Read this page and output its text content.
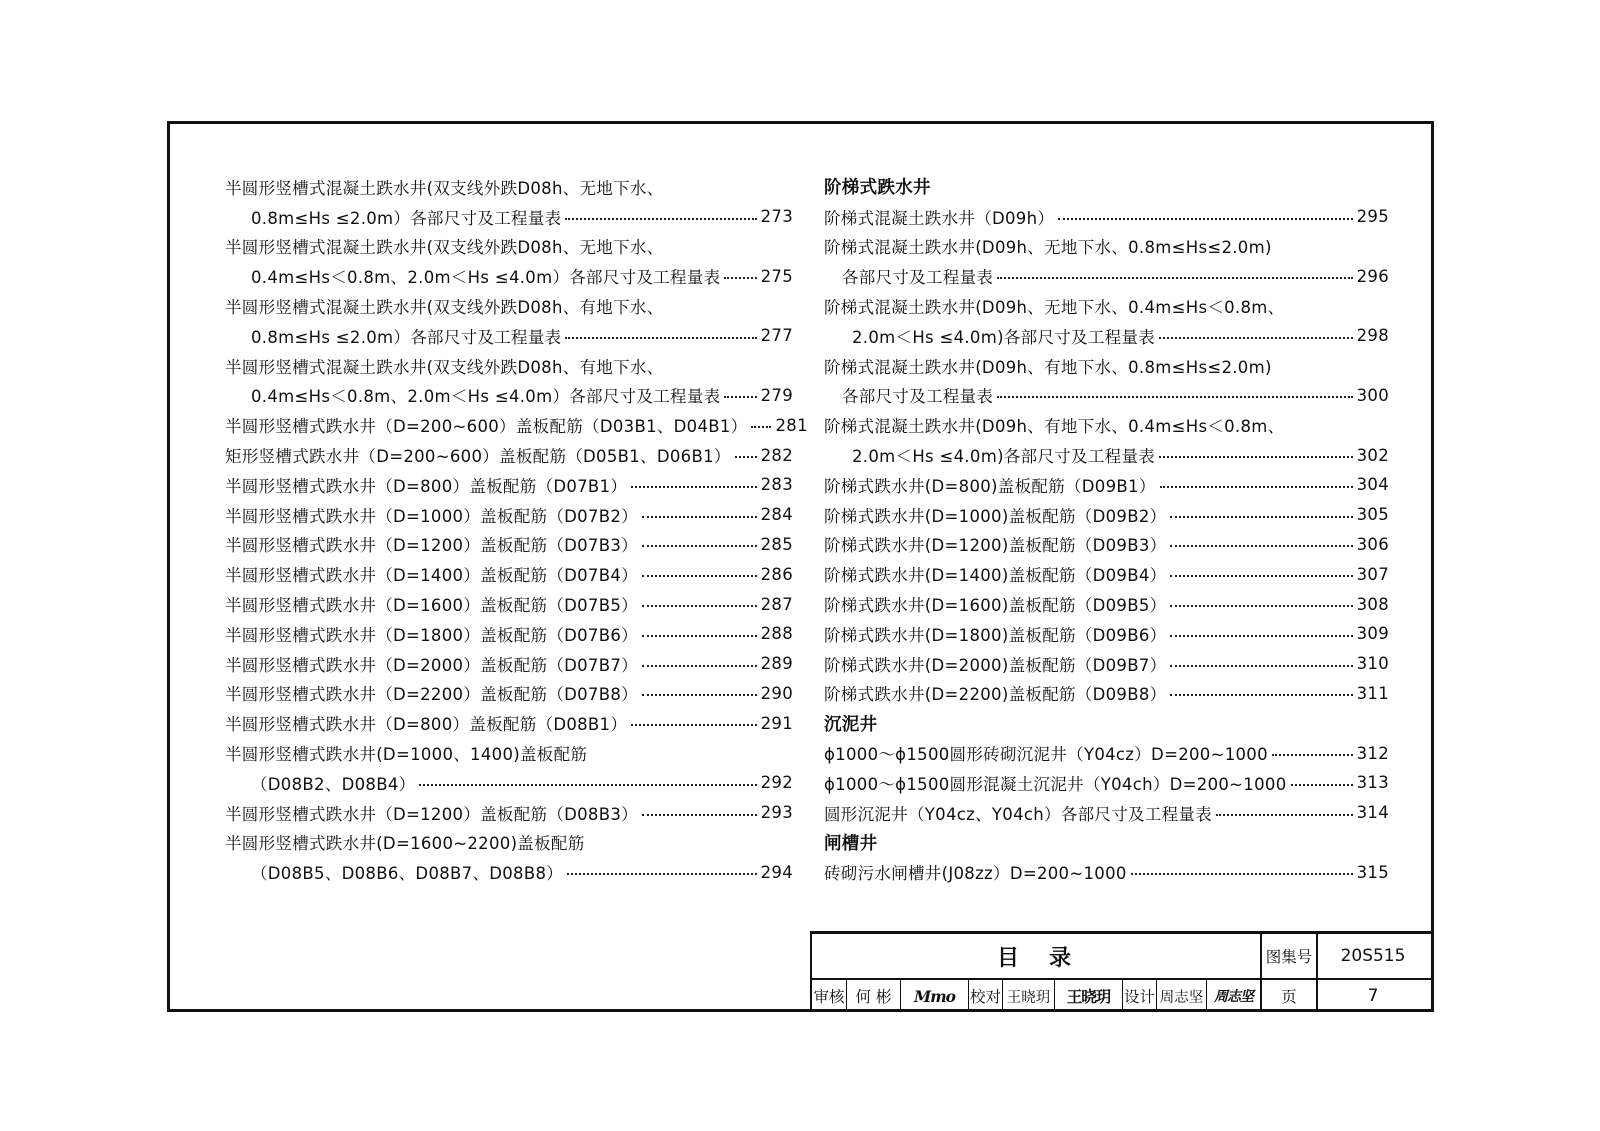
半圆形竖槽式混凝土跌水井(双支线外跌D08h、无地下水、
0.8m≤Hs ≤2.0m）各部尺寸及工程量表	273
半圆形竖槽式混凝土跌水井(双支线外跌D08h、无地下水、
0.4m≤Hs＜0.8m、2.0m＜Hs ≤4.0m）各部尺寸及工程量表 275
半圆形竖槽式混凝土跌水井(双支线外跌D08h、有地下水、
0.8m≤Hs ≤2.0m）各部尺寸及工程量表	277
半圆形竖槽式混凝土跌水井(双支线外跌D08h、有地下水、
0.4m≤Hs＜0.8m、2.0m＜Hs ≤4.0m）各部尺寸及工程量表 279
半圆形竖槽式跌水井（D=200~600）盖板配筋（D03B1、D04B1） 281
矩形竖槽式跌水井（D=200~600）盖板配筋（D05B1、D06B1） 282
半圆形竖槽式跌水井（D=800）盖板配筋（D07B1）	283
半圆形竖槽式跌水井（D=1000）盖板配筋（D07B2）	284
半圆形竖槽式跌水井（D=1200）盖板配筋（D07B3）	285
半圆形竖槽式跌水井（D=1400）盖板配筋（D07B4）	286
半圆形竖槽式跌水井（D=1600）盖板配筋（D07B5）	287
半圆形竖槽式跌水井（D=1800）盖板配筋（D07B6）	288
半圆形竖槽式跌水井（D=2000）盖板配筋（D07B7）	289
半圆形竖槽式跌水井（D=2200）盖板配筋（D07B8）	290
半圆形竖槽式跌水井（D=800）盖板配筋（D08B1）	291
半圆形竖槽式跌水井(D=1000、1400)盖板配筋
（D08B2、D08B4）	292
半圆形竖槽式跌水井（D=1200）盖板配筋（D08B3）	293
半圆形竖槽式跌水井(D=1600~2200)盖板配筋
（D08B5、D08B6、D08B7、D08B8）	294
阶梯式跌水井
阶梯式混凝土跌水井（D09h）	295
阶梯式混凝土跌水井(D09h、无地下水、0.8m≤Hs≤2.0m)
各部尺寸及工程量表	296
阶梯式混凝土跌水井(D09h、无地下水、0.4m≤Hs＜0.8m、
2.0m＜Hs ≤4.0m)各部尺寸及工程量表	298
阶梯式混凝土跌水井(D09h、有地下水、0.8m≤Hs≤2.0m)
各部尺寸及工程量表	300
阶梯式混凝土跌水井(D09h、有地下水、0.4m≤Hs＜0.8m、
2.0m＜Hs ≤4.0m)各部尺寸及工程量表	302
阶梯式跌水井(D=800)盖板配筋（D09B1）	304
阶梯式跌水井(D=1000)盖板配筋（D09B2）	305
阶梯式跌水井(D=1200)盖板配筋（D09B3）	306
阶梯式跌水井(D=1400)盖板配筋（D09B4）	307
阶梯式跌水井(D=1600)盖板配筋（D09B5）	308
阶梯式跌水井(D=1800)盖板配筋（D09B6）	309
阶梯式跌水井(D=2000)盖板配筋（D09B7）	310
阶梯式跌水井(D=2200)盖板配筋（D09B8）	311
沉泥井
ϕ1000～ϕ1500圆形砖砌沉泥井（Y04cz）D=200~1000	312
ϕ1000～ϕ1500圆形混凝土沉泥井（Y04ch）D=200~1000	313
圆形沉泥井（Y04cz、Y04ch）各部尺寸及工程量表	314
闸槽井
砖砌污水闸槽井(J08zz）D=200~1000	315
目　录	图集号	20S515
审核 何 彬	Mmo 校对 王晓玥	王晓玥 设计 周志坚 周志坚	页	7
